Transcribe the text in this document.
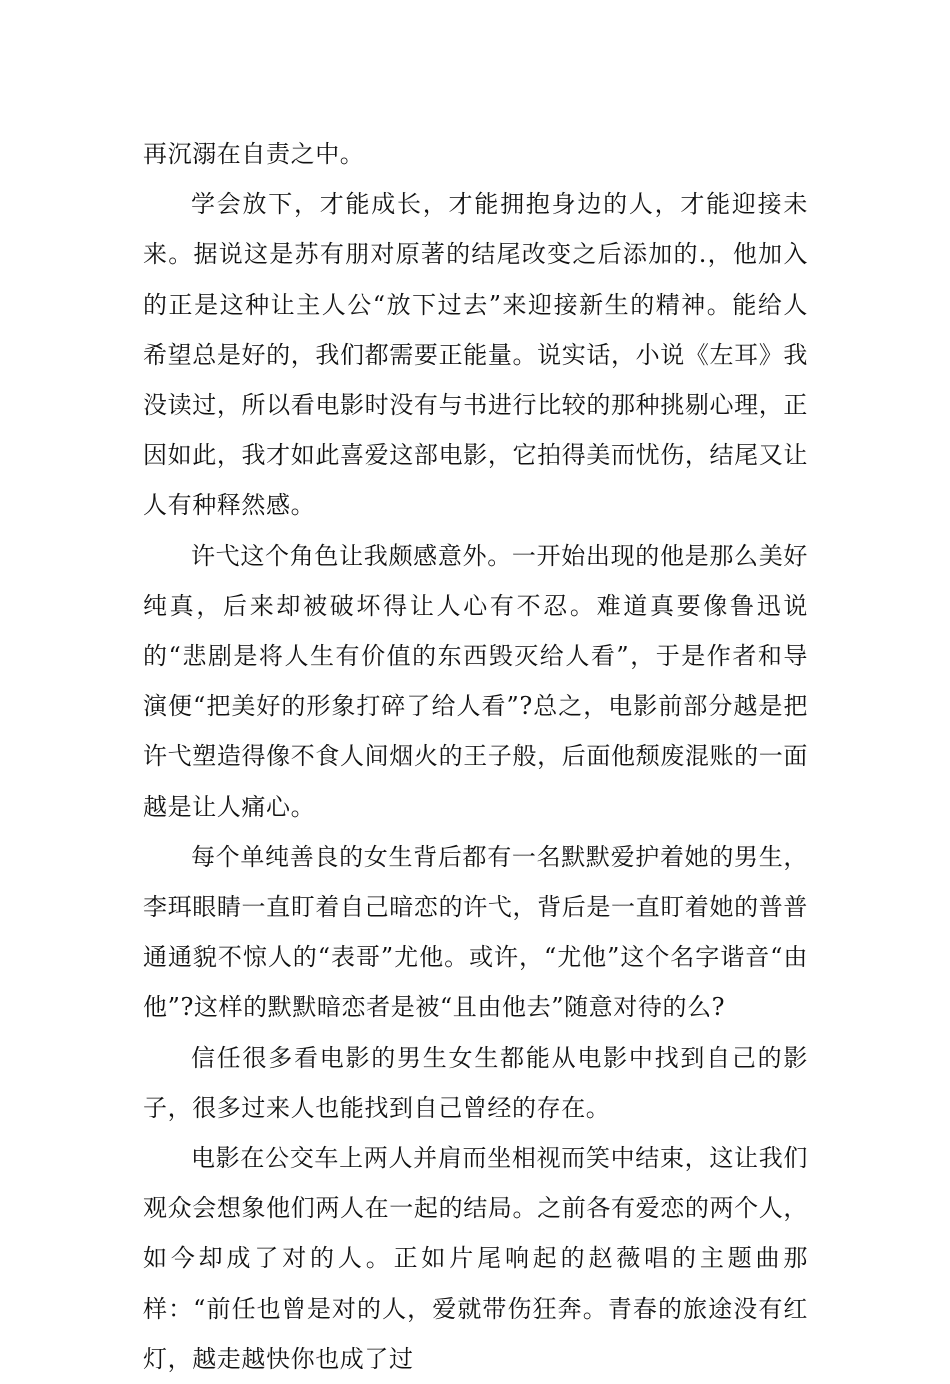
再沉溺在自责之中。

学会放下，才能成长，才能拥抱身边的人，才能迎接未来。据说这是苏有朋对原著的结尾改变之后添加的.，他加入的正是这种让主人公“放下过去”来迎接新生的精神。能给人希望总是好的，我们都需要正能量。说实话，小说《左耳》我没读过，所以看电影时没有与书进行比较的那种挑剔心理，正因如此，我才如此喜爱这部电影，它拍得美而忧伤，结尾又让人有种释然感。

许弋这个角色让我颇感意外。一开始出现的他是那么美好纯真，后来却被破坏得让人心有不忍。难道真要像鲁迅说的“悲剧是将人生有价值的东西毁灭给人看”，于是作者和导演便“把美好的形象打碎了给人看”?总之，电影前部分越是把许弋塑造得像不食人间烟火的王子般，后面他颓废混账的一面越是让人痛心。

每个单纯善良的女生背后都有一名默默爱护着她的男生，李珥眼睛一直盯着自己暗恋的许弋，背后是一直盯着她的普普通通貌不惊人的“表哥”尤他。或许，“尤他”这个名字谐音“由他”?这样的默默暗恋者是被“且由他去”随意对待的么?

信任很多看电影的男生女生都能从电影中找到自己的影子，很多过来人也能找到自己曾经的存在。

电影在公交车上两人并肩而坐相视而笑中结束，这让我们观众会想象他们两人在一起的结局。之前各有爱恋的两个人，如今却成了对的人。正如片尾响起的赵薇唱的主题曲那样：“前任也曾是对的人，爱就带伤狂奔。青春的旅途没有红灯，越走越快你也成了过
